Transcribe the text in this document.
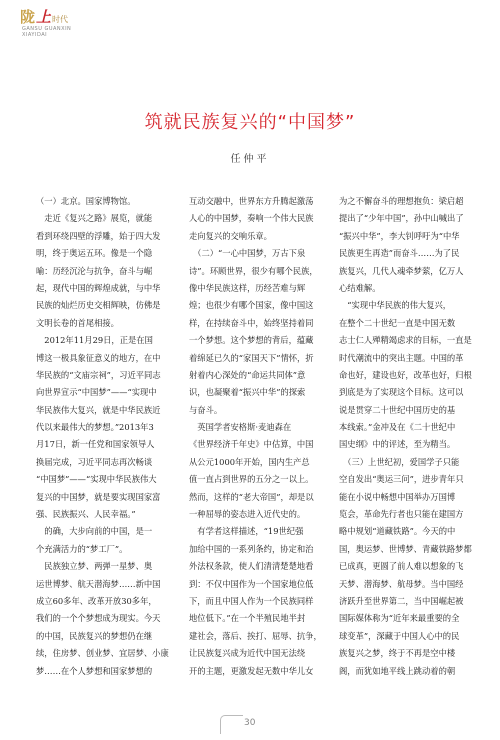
陇上时代
GANSU GUANXIN
XIAYIDAI
筑就民族复兴的“中国梦”
任仲平
（一）北京。国家博物馆。
　走近《复兴之路》展览，就能
看到环绕四壁的浮雕，始于四大发
明，终于奥运五环。像是一个隐
喻：历经沉沦与抗争，奋斗与崛
起，现代中国的辉煌成就，与中华
民族的灿烂历史交相辉映，仿佛是
文明长卷的首尾相接。
　2012年11月29日，正是在国
博这一极具象征意义的地方，在中
华民族的“文庙宗祠”，习近平同志
向世界宣示“中国梦”——“实现中
华民族伟大复兴，就是中华民族近
代以来最伟大的梦想。”2013年3
月17日，新一任党和国家领导人
换届完成，习近平同志再次畅谈
“中国梦”——“实现中华民族伟大
复兴的中国梦，就是要实现国家富
强、民族振兴、人民幸福。”
　的确，大步向前的中国，是一
个充满活力的“梦工厂”。
　民族独立梦、两弹一星梦、奥
运世博梦、航天潜海梦……新中国
成立60多年、改革开放30多年，
我们的一个个梦想成为现实。今天
的中国，民族复兴的梦想仍在继
续，住房梦、创业梦、宜居梦、小康
梦……在个人梦想和国家梦想的
互动交融中，世界东方升腾起激荡
人心的中国梦，奏响一个伟大民族
走向复兴的交响乐章。
　（二）“一心中国梦，万古下泉
诗”。环顾世界，很少有哪个民族，
像中华民族这样，历经苦难与辉
煌；也很少有哪个国家，像中国这
样，在持续奋斗中，始终坚持着同
一个梦想。这个梦想的背后，蕴藏
着绵延已久的“家国天下”情怀，折
射着内心深处的“命运共同体”意
识，也凝聚着“振兴中华”的探索
与奋斗。
　英国学者安格斯·麦迪森在
《世界经济千年史》中估算，中国
从公元1000年开始，国内生产总
值一直占到世界的五分之一以上。
然而，这样的“老大帝国”，却是以
一种屈辱的姿态进入近代史的。
　有学者这样描述，“19世纪强
加给中国的一系列条约，协定和治
外法权条款，使人们清清楚楚地看
到：不仅中国作为一个国家地位低
下，而且中国人作为一个民族同样
地位低下。”在一个半殖民地半封
建社会，落后、挨打、屈辱、抗争，
让民族复兴成为近代中国无法绕
开的主题，更激发起无数中华儿女
为之不懈奋斗的理想抱负：梁启超
提出了“少年中国”，孙中山喊出了
“振兴中华”，李大钊呼吁为“中华
民族更生再造”而奋斗……为了民
族复兴，几代人魂牵梦萦，亿万人
心结难解。
　“实现中华民族的伟大复兴，
在整个二十世纪一直是中国无数
志士仁人殚精竭虑求的目标，一直是
时代潮流中的突出主题。中国的革
命也好，建设也好，改革也好，归根
到底是为了实现这个目标。这可以
说是贯穿二十世纪中国历史的基
本线索。”金冲及在《二十世纪中
国史纲》中的评述，至为精当。
　（三）上世纪初，爱国学子只能
空自发出“奥运三问”，进步青年只
能在小说中畅想中国举办万国博
览会，革命先行者也只能在建国方
略中规划“道藏铁路”。今天的中
国，奥运梦、世博梦、青藏铁路梦都
已成真，更圆了前人难以想象的飞
天梦、潜海梦、航母梦。当中国经
济跃升至世界第二，当中国崛起被
国际媒体称为“近年来最重要的全
球变革”，深藏于中国人心中的民
族复兴之梦，终于不再是空中楼
阁，而犹如地平线上跳动着的朝
30
